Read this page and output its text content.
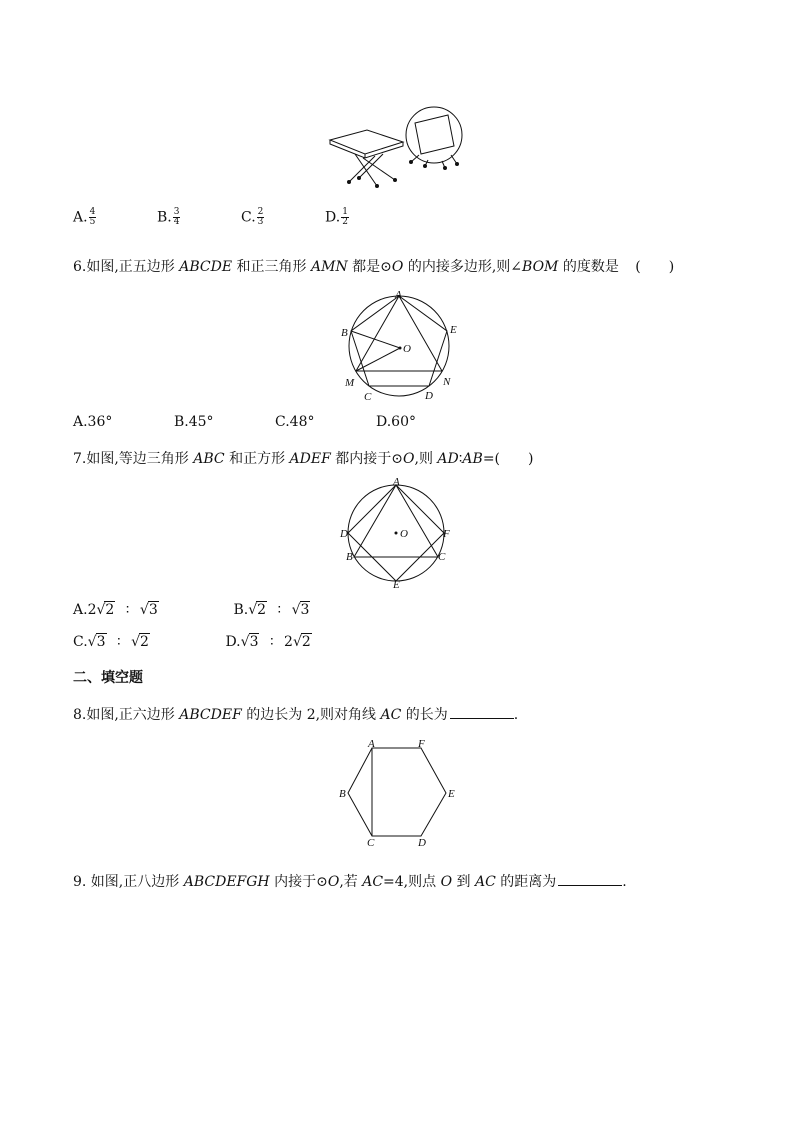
A. $\frac{4}{5}$	B. $\frac{3}{4}$	C. $\frac{2}{3}$	D. $\frac{1}{2}$
6.如图,正五边形 ABCDE 和正三角形 AMN 都是⊙O 的内接多边形,则∠BOM 的度数是 (　　)
A
B
C	D
E
M	N
O
A.36°	B.45°	C.48°	D.60°
7.如图,等边三角形 ABC 和正方形 ADEF 都内接于⊙O,则 AD∶AB=(　　)
A
D
B	C
F
E
O
A.2√2 ∶ √3	B.√2 ∶ √3
C.√3 ∶ √2	D.√3 ∶ 2√2
二、填空题
8.如图,正六边形 ABCDEF 的边长为 2,则对角线 AC 的长为	.
A	F
B	E
C	D
9. 如图,正八边形 ABCDEFGH 内接于⊙O,若 AC=4,则点 O 到 AC 的距离为	.
